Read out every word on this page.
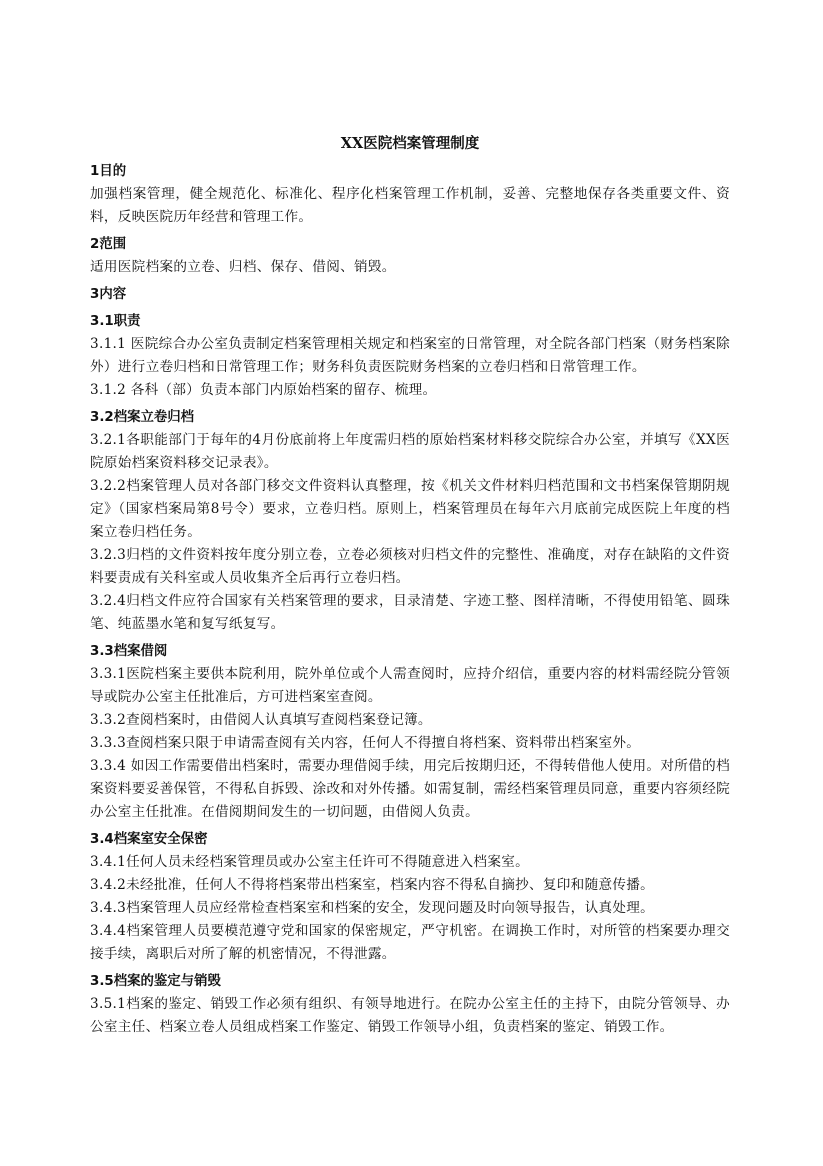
XX医院档案管理制度
1目的

加强档案管理，健全规范化、标准化、程序化档案管理工作机制，妥善、完整地保存各类重要文件、资料，反映医院历年经营和管理工作。

2范围

适用医院档案的立卷、归档、保存、借阅、销毁。

3内容
3.1职责

3.1.1 医院综合办公室负责制定档案管理相关规定和档案室的日常管理，对全院各部门档案（财务档案除外）进行立卷归档和日常管理工作；财务科负责医院财务档案的立卷归档和日常管理工作。

3.1.2 各科（部）负责本部门内原始档案的留存、梳理。

3.2档案立卷归档

3.2.1各职能部门于每年的4月份底前将上年度需归档的原始档案材料移交院综合办公室，并填写《XX医院原始档案资料移交记录表》。

3.2.2档案管理人员对各部门移交文件资料认真整理，按《机关文件材料归档范围和文书档案保管期阴规定》（国家档案局第8号令）要求，立卷归档。原则上，档案管理员在每年六月底前完成医院上年度的档案立卷归档任务。

3.2.3归档的文件资料按年度分别立卷，立卷必须核对归档文件的完整性、准确度，对存在缺陷的文件资料要责成有关科室或人员收集齐全后再行立卷归档。

3.2.4归档文件应符合国家有关档案管理的要求，目录清楚、字迹工整、图样清晰，不得使用铅笔、圆珠笔、纯蓝墨水笔和复写纸复写。

3.3档案借阅

3.3.1医院档案主要供本院利用，院外单位或个人需查阅时，应持介绍信，重要内容的材料需经院分管领导或院办公室主任批准后，方可进档案室查阅。

3.3.2查阅档案时，由借阅人认真填写查阅档案登记簿。

3.3.3查阅档案只限于申请需查阅有关内容，任何人不得擅自将档案、资料带出档案室外。

3.3.4 如因工作需要借出档案时，需要办理借阅手续，用完后按期归还，不得转借他人使用。对所借的档案资料要妥善保管，不得私自拆毁、涂改和对外传播。如需复制，需经档案管理员同意，重要内容须经院办公室主任批准。在借阅期间发生的一切问题，由借阅人负责。

3.4档案室安全保密

3.4.1任何人员未经档案管理员或办公室主任许可不得随意进入档案室。

3.4.2未经批准，任何人不得将档案带出档案室，档案内容不得私自摘抄、复印和随意传播。

3.4.3档案管理人员应经常检查档案室和档案的安全，发现问题及时向领导报告，认真处理。

3.4.4档案管理人员要模范遵守党和国家的保密规定，严守机密。在调换工作时，对所管的档案要办理交接手续，离职后对所了解的机密情况，不得泄露。

3.5档案的鉴定与销毁

3.5.1档案的鉴定、销毁工作必须有组织、有领导地进行。在院办公室主任的主持下，由院分管领导、办公室主任、档案立卷人员组成档案工作鉴定、销毁工作领导小组，负责档案的鉴定、销毁工作。
